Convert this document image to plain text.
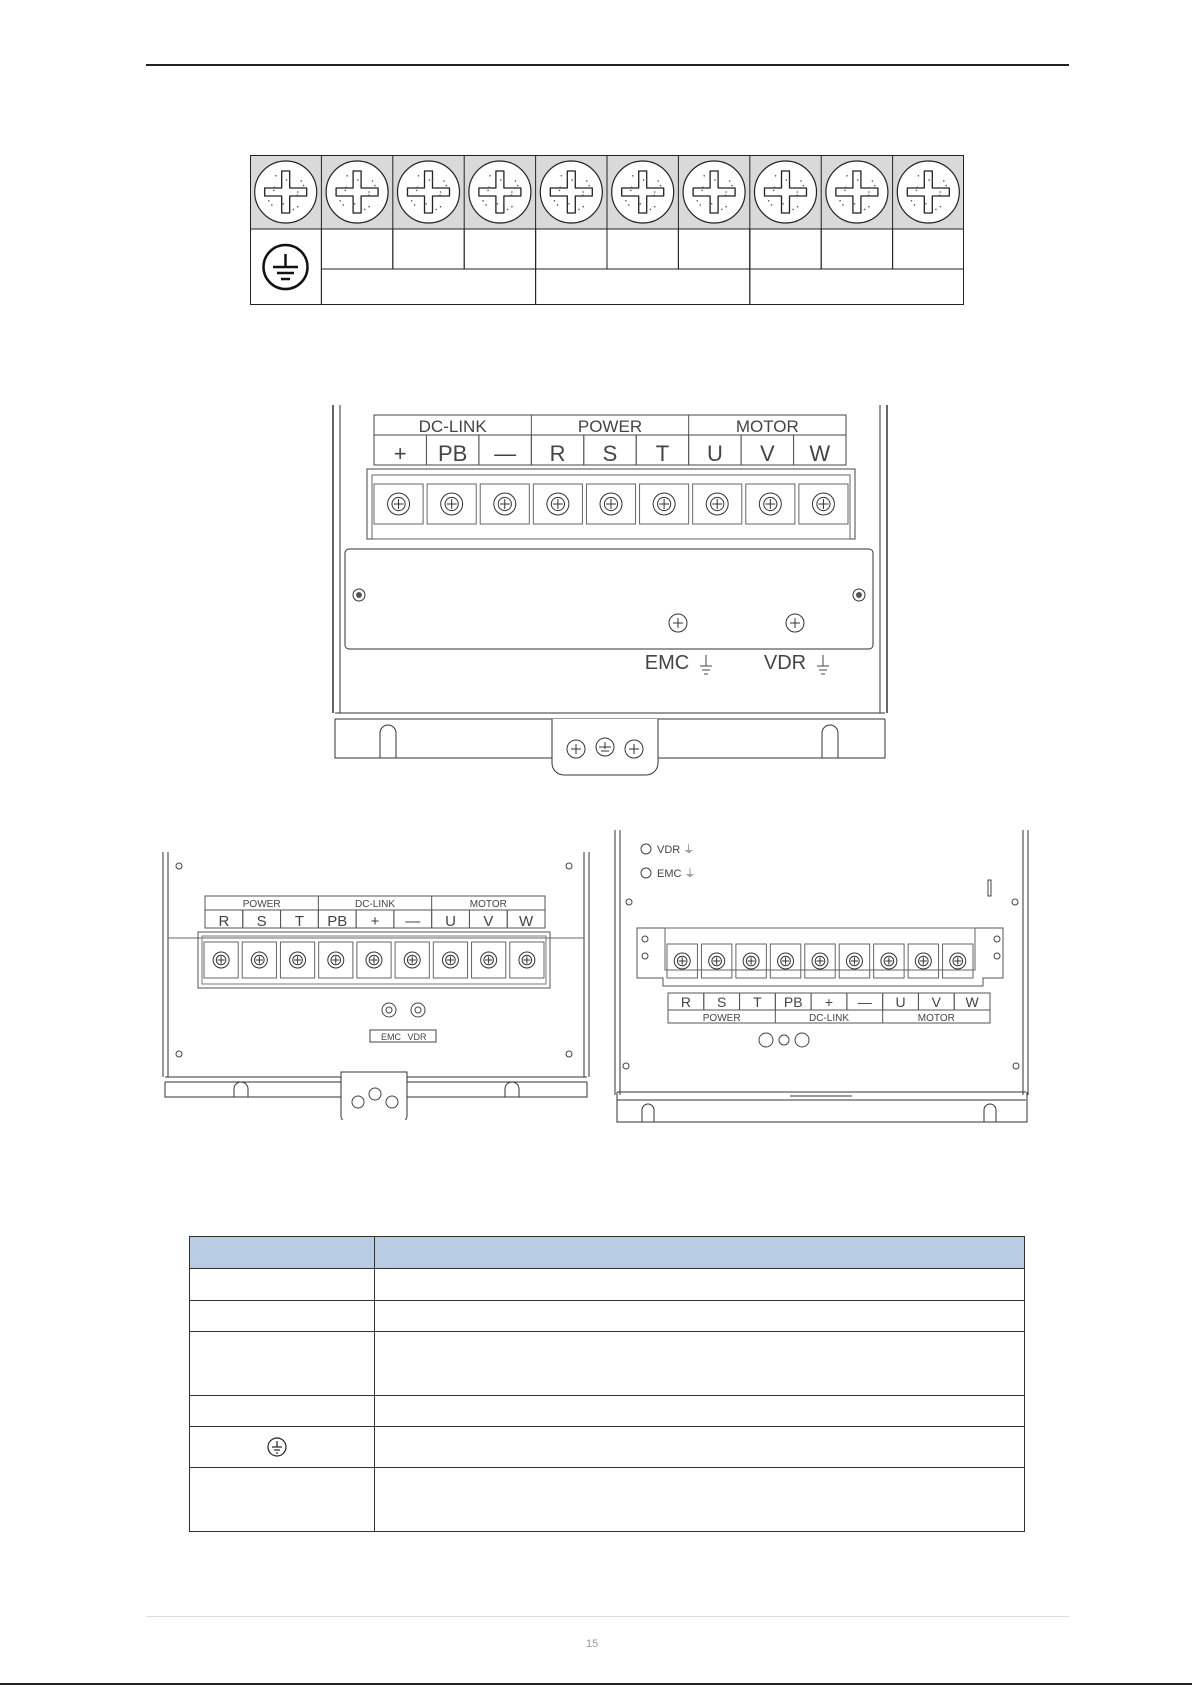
DC-LINK	POWER	MOTOR
+ PB — R S T U V W
EMC	VDR
POWER	DC-LINK	MOTOR
R S T PB + — U V W
EMC VDR
VDR ⏚
EMC ⏚
R S T PB + — U V W
POWER	DC-LINK	MOTOR

15
